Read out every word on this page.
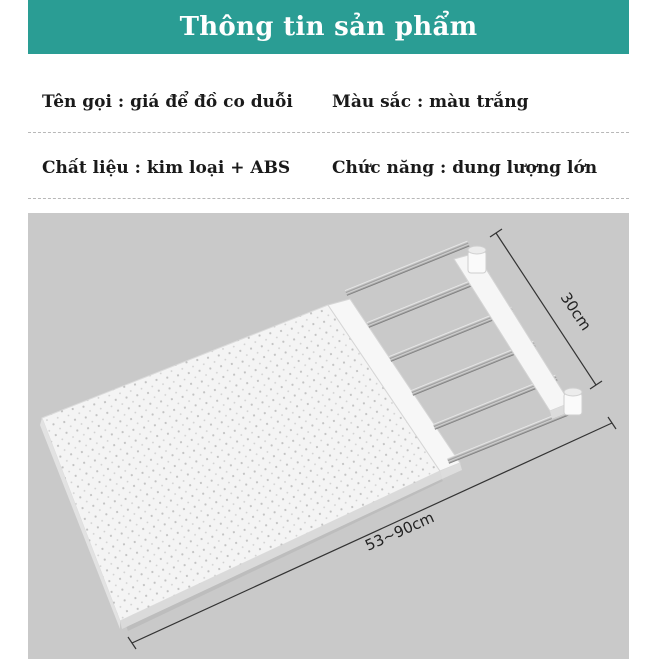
Thông tin sản phẩm
Tên gọi : giá để đồ co duỗi Màu sắc : màu trắng
Chất liệu : kim loại + ABS Chức năng : dung lượng lớn
30cm
53~90cm
